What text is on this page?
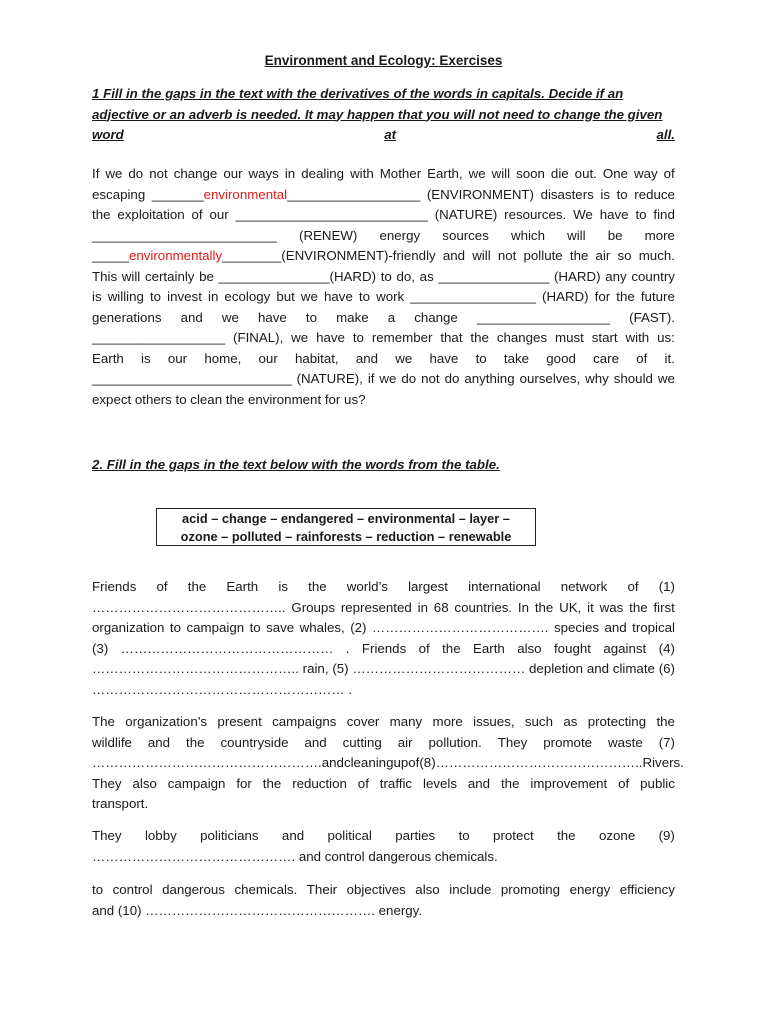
Environment and Ecology: Exercises
1 Fill in the gaps in the text with the derivatives of the words in capitals. Decide if an
adjective or an adverb is needed. It may happen that you will not need to change the given
word	at	all.
If we do not change our ways in dealing with Mother Earth, we will soon die out. One way of
escaping _______environmental__________________ (ENVIRONMENT) disasters is to reduce
the exploitation of our __________________________ (NATURE) resources. We have to find
_________________________ (RENEW) energy sources which will be more
_____environmentally________(ENVIRONMENT)-friendly and will not pollute the air so much.
This will certainly be _______________(HARD) to do, as _______________ (HARD) any country
is willing to invest in ecology but we have to work _________________ (HARD) for the future
generations and we have to make a change __________________ (FAST).
__________________ (FINAL), we have to remember that the changes must start with us:
Earth is our home, our habitat, and we have to take good care of it.
___________________________ (NATURE), if we do not do anything ourselves, why should we
expect others to clean the environment for us?
2. Fill in the gaps in the text below with the words from the table.
acid – change – endangered – environmental – layer –
ozone – polluted – rainforests – reduction – renewable
Friends of the Earth is the world’s largest international network of (1)
…………………………………….. Groups represented in 68 countries. In the UK, it was the first
organization to campaign to save whales, (2) …………………………………. species and tropical
(3) ………………………………………… . Friends of the Earth also fought against (4)
……………………………………….. rain, (5) ………………………………… depletion and climate (6)
………………………………………………… .
The organization’s present campaigns cover many more issues, such as protecting the
wildlife and the countryside and cutting air pollution. They promote waste (7)
……………………………………………. and cleaning up of (8) ……………………………………….. Rivers.
They also campaign for the reduction of traffic levels and the improvement of public
transport.
They lobby politicians and political parties to protect the ozone (9)
………………………………………. and control dangerous chemicals.
to control dangerous chemicals. Their objectives also include promoting energy efficiency
and (10) ……………………………………………. energy.
